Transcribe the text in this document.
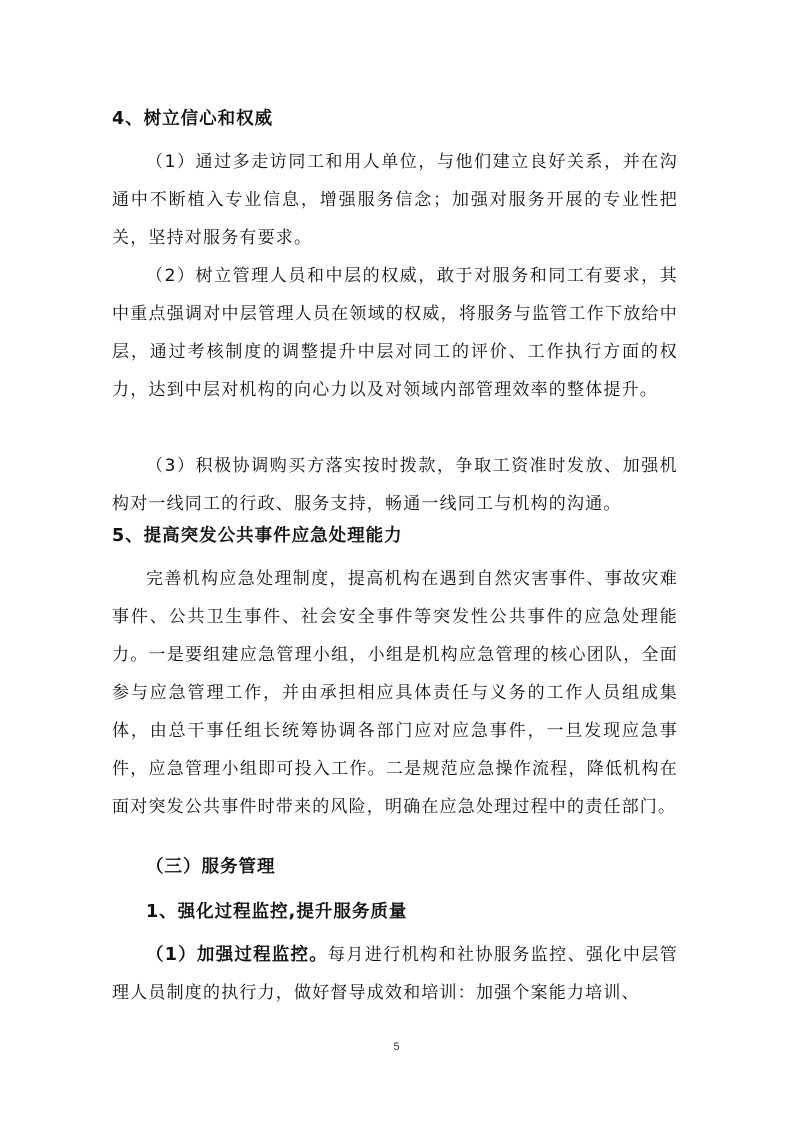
4、树立信心和权威

（1）通过多走访同工和用人单位，与他们建立良好关系，并在沟通中不断植入专业信息，增强服务信念；加强对服务开展的专业性把关，坚持对服务有要求。

（2）树立管理人员和中层的权威，敢于对服务和同工有要求，其中重点强调对中层管理人员在领域的权威，将服务与监管工作下放给中层，通过考核制度的调整提升中层对同工的评价、工作执行方面的权力，达到中层对机构的向心力以及对领域内部管理效率的整体提升。

（3）积极协调购买方落实按时拨款，争取工资准时发放、加强机构对一线同工的行政、服务支持，畅通一线同工与机构的沟通。

5、提高突发公共事件应急处理能力

完善机构应急处理制度，提高机构在遇到自然灾害事件、事故灾难事件、公共卫生事件、社会安全事件等突发性公共事件的应急处理能力。一是要组建应急管理小组，小组是机构应急管理的核心团队，全面参与应急管理工作，并由承担相应具体责任与义务的工作人员组成集体，由总干事任组长统筹协调各部门应对应急事件，一旦发现应急事件，应急管理小组即可投入工作。二是规范应急操作流程，降低机构在面对突发公共事件时带来的风险，明确在应急处理过程中的责任部门。

（三）服务管理

1、强化过程监控,提升服务质量

（1）加强过程监控。每月进行机构和社协服务监控、强化中层管理人员制度的执行力，做好督导成效和培训：加强个案能力培训、

5
